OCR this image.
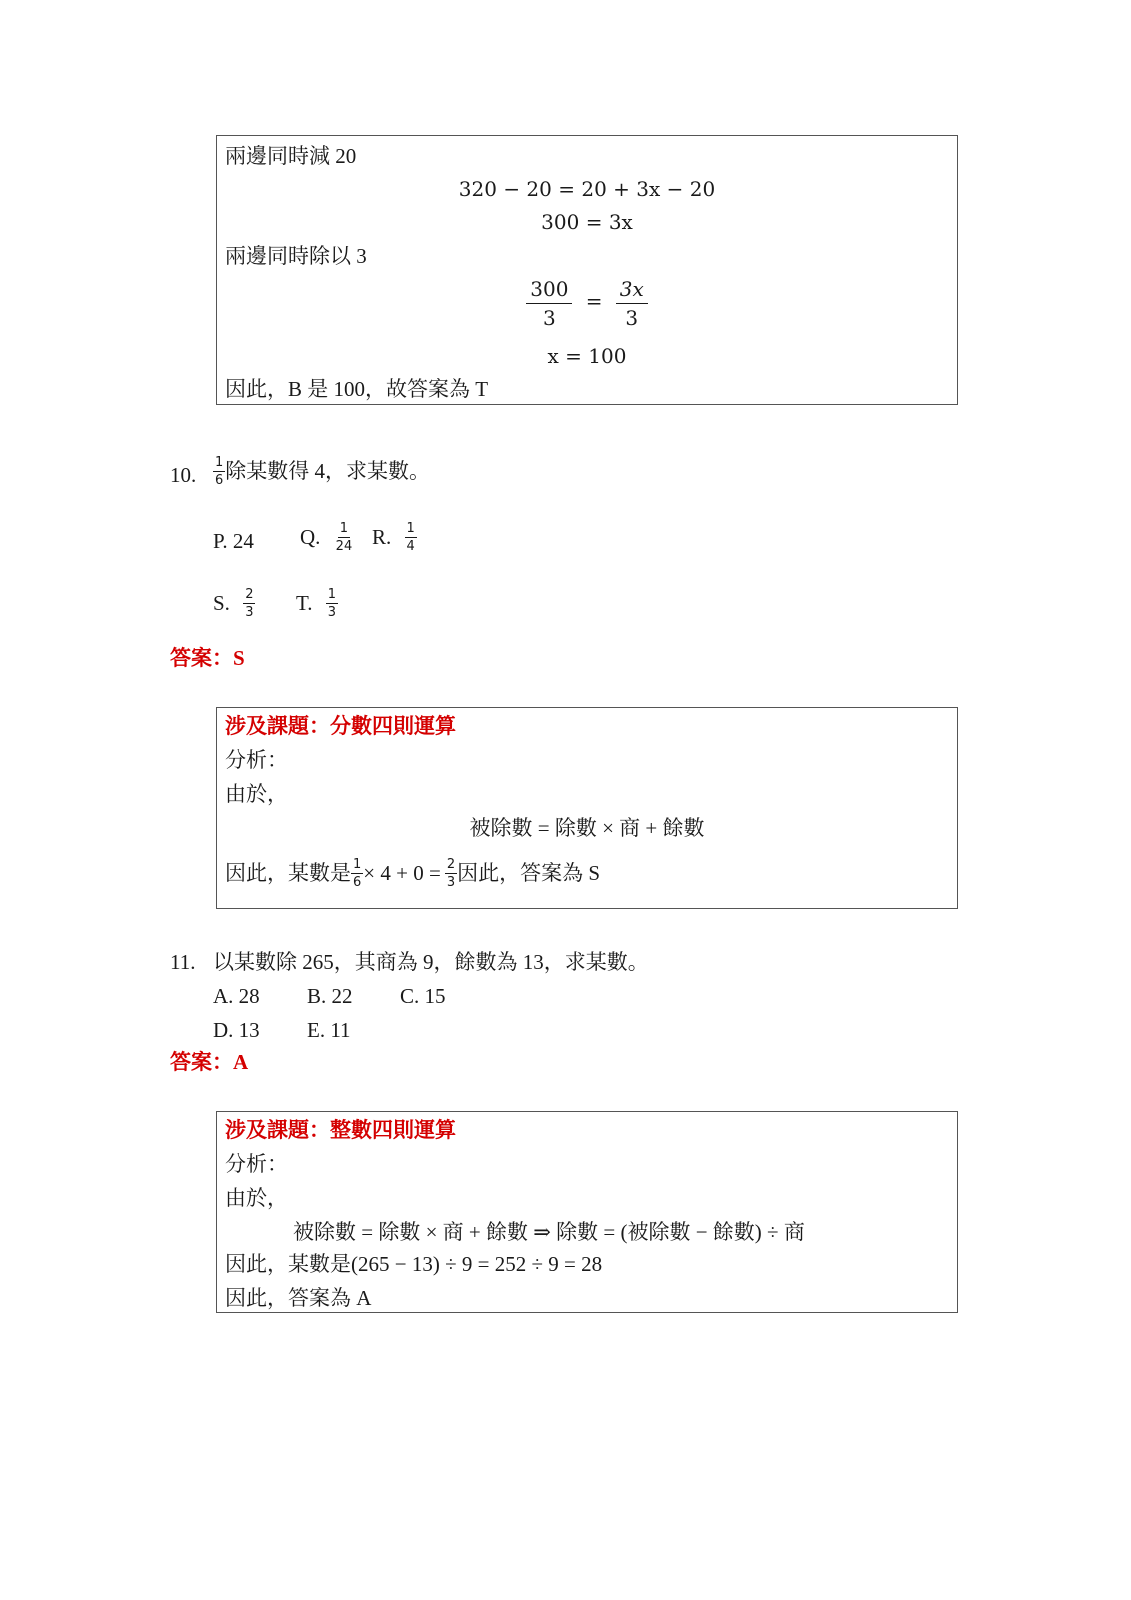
兩邊同時減 20
320 − 20 = 20 + 3x − 20
300 = 3x
兩邊同時除以 3
$\frac{300}{3} = \frac{3x}{3}$
x = 100
因此，B 是 100，故答案為 T
10. $\frac{1}{6}$ 除某數得 4，求某數。
P. 24 Q. $\frac{1}{24} R$. $\frac{1}{4}$
S. $\frac{2}{3} T$. $\frac{1}{3}$
答案：S
涉及課題：分數四則運算
分析：
由於，
被除數 = 除數 × 商 + 餘數
因此，某數是 $\frac{1}{6} \times 4 + 0 = \frac{2}{3}$ 因此，答案為 S
11. 以某數除 265，其商為 9，餘數為 13，求某數。
A. 28 B. 22 C. 15
D. 13 E. 11
答案：A
涉及課題：整數四則運算
分析：
由於，
被除數 = 除數 × 商 + 餘數 ⇒ 除數 = (被除數 − 餘數) ÷ 商
因此，某數是(265 − 13) ÷ 9 = 252 ÷ 9 = 28
因此，答案為 A
